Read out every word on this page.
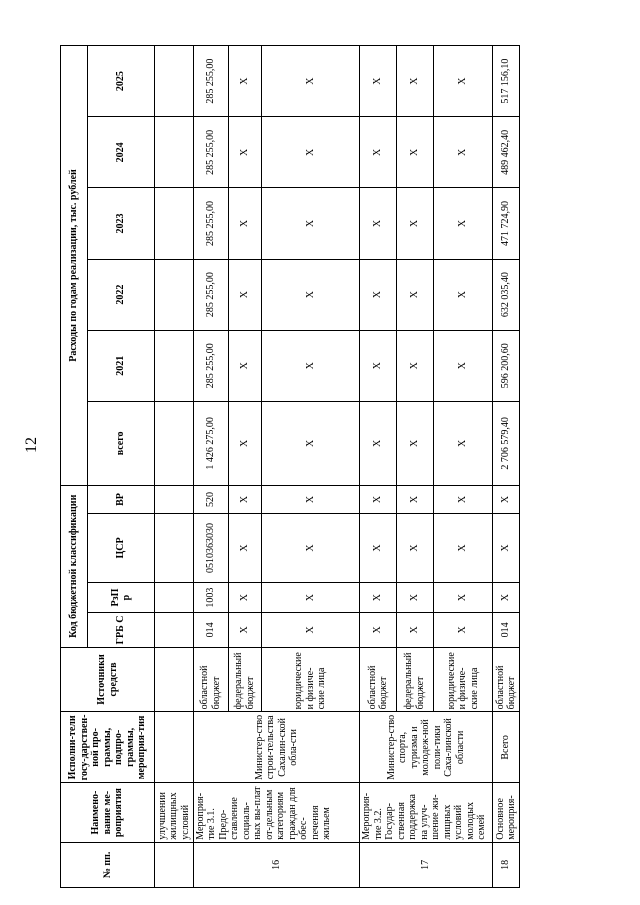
12
№ пп.	Наимено-вание ме-роприятия	Исполни-тели госу-дарствен-ной про-граммы, подпро-граммы, мероприя-тия	Источники средств	Код бюджетной классификации				Расходы по годам реализации, тыс. рублей					
				ГРБ С	РзП р	ЦСР	ВР	всего	2021	2022	2023	2024	2025
	улучшении жилищных условий												
16	Мероприя-тие 3.1. Предо-ставление социаль-ных вы-плат от-дельным категориям граждан для обес-печения жильем	Министер-ство строи-тельства Сахалин-ской обла-сти	областной бюджет	014	1003	0510363030	520	1 426 275,00	285 255,00	285 255,00	285 255,00	285 255,00	285 255,00
			федеральный бюджет	Х	Х	Х	Х	Х	Х	Х	Х	Х	Х
			юридические и физиче-ские лица	Х	Х	Х	Х	Х	Х	Х	Х	Х	Х
17	Мероприя-тие 3.2. Государ-ственная поддержка на улуч-шение жи-лищных условий молодых семей	Министер-ство спорта, туризма и молодеж-ной поли-тики Саха-линской области	областной бюджет	Х	Х	Х	Х	Х	Х	Х	Х	Х	Х
			федеральный бюджет	Х	Х	Х	Х	Х	Х	Х	Х	Х	Х
			юридические и физиче-ские лица	Х	Х	Х	Х	Х	Х	Х	Х	Х	Х
18	Основное мероприя-	Всего	областной бюджет	014	Х	Х	Х	2 706 579,40	596 200,60	632 035,40	471 724,90	489 462,40	517 156,10
